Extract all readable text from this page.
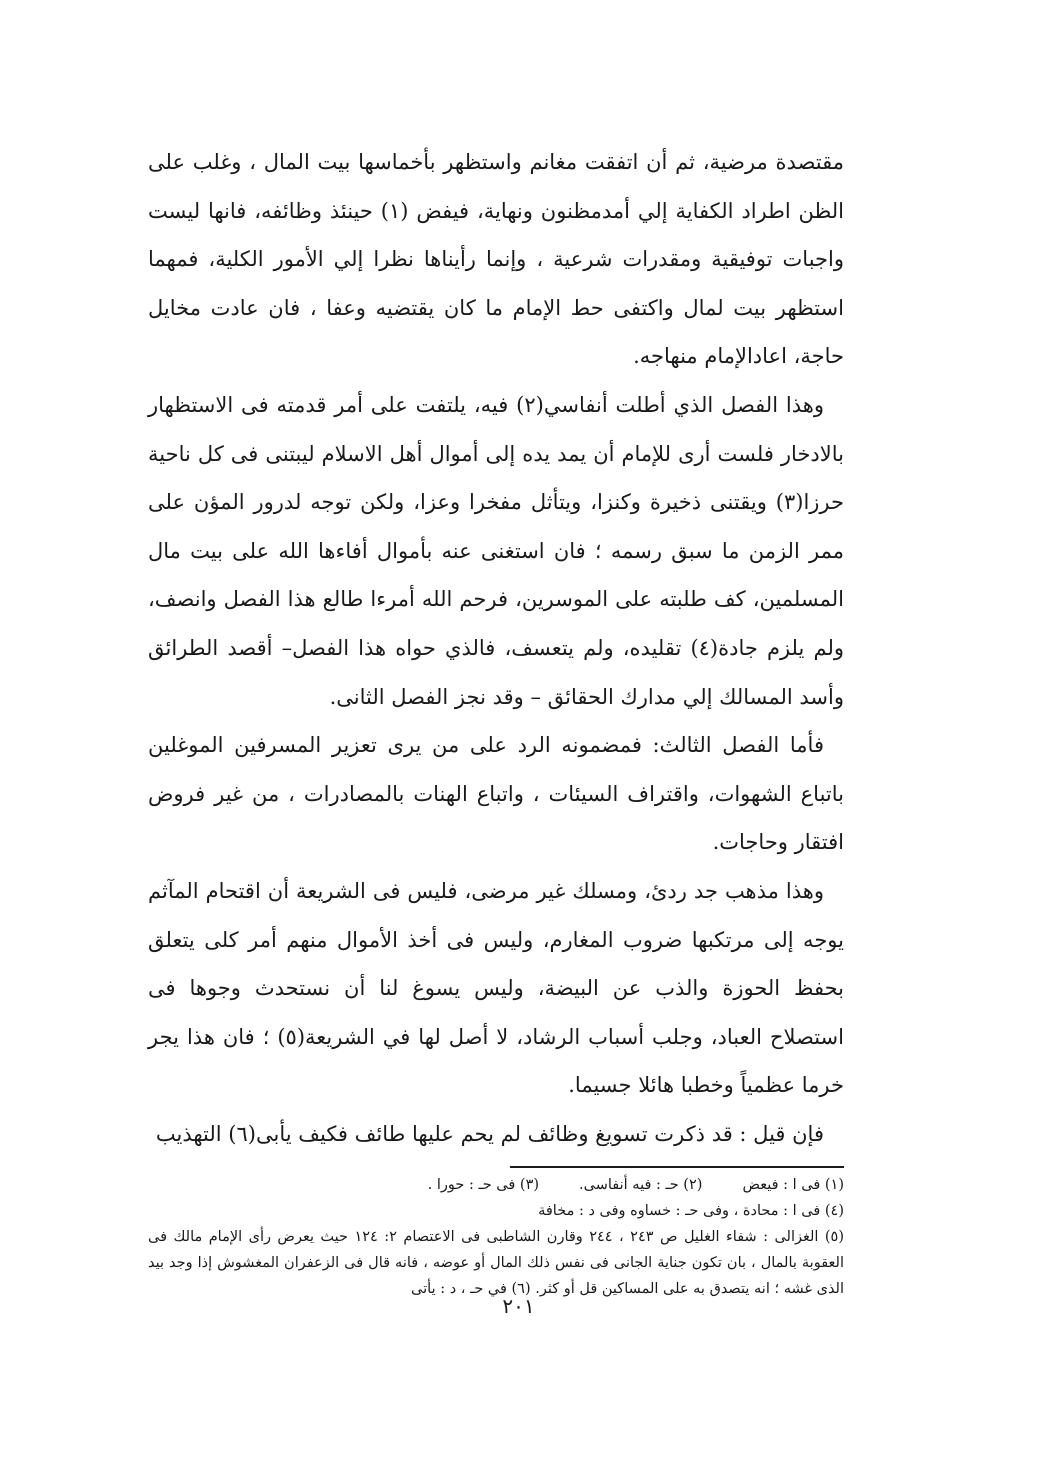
مقتصدة مرضية، ثم أن اتفقت مغانم واستظهر بأخماسها بيت المال ، وغلب على الظن اطراد الكفاية إلي أمدمظنون ونهاية، فيفض (١) حينئذ وظائفه، فانها ليست واجبات توفيقية ومقدرات شرعية ، وإنما رأيناها نظرا إلي الأمور الكلية، فمهما استظهر بيت لمال واكتفى حط الإمام ما كان يقتضيه وعفا ، فان عادت مخايل حاجة، اعادالإمام منهاجه.

وهذا الفصل الذي أطلت أنفاسي(٢) فيه، يلتفت على أمر قدمته فى الاستظهار بالادخار فلست أرى للإمام أن يمد يده إلى أموال أهل الاسلام ليبتنى فى كل ناحية حرزا(٣) ويقتنى ذخيرة وكنزا، ويتأثل مفخرا وعزا، ولكن توجه لدرور المؤن على ممر الزمن ما سبق رسمه ؛ فان استغنى عنه بأموال أفاءها الله على بيت مال المسلمين، كف طلبته على الموسرين، فرحم الله أمرءا طالع هذا الفصل وانصف، ولم يلزم جادة(٤) تقليده، ولم يتعسف، فالذي حواه هذا الفصل– أقصد الطرائق وأسد المسالك إلي مدارك الحقائق – وقد نجز الفصل الثانى.

فأما الفصل الثالث: فمضمونه الرد على من يرى تعزير المسرفين الموغلين باتباع الشهوات، واقتراف السيئات ، واتباع الهنات بالمصادرات ، من غير فروض افتقار وحاجات.

وهذا مذهب جد ردئ، ومسلك غير مرضى، فليس فى الشريعة أن اقتحام المآثم يوجه إلى مرتكبها ضروب المغارم، وليس فى أخذ الأموال منهم أمر كلى يتعلق بحفظ الحوزة والذب عن البيضة، وليس يسوغ لنا أن نستحدث وجوها فى استصلاح العباد، وجلب أسباب الرشاد، لا أصل لها في الشريعة(٥) ؛ فان هذا يجر خرما عظمياً وخطبا هائلا جسيما.

فإن قيل : قد ذكرت تسويغ وظائف لم يحم عليها طائف فكيف يأبى(٦) التهذيب

(١) فى ا : فيعض
(٢) حـ : فيه أنفاسى.
(٣) فى حـ : حورا .
(٤) فى ا : محادة ، وفى حـ : خساوه وفى د : مخافة
(٥) الغزالى : شفاء الغليل ص ٢٤٣ ، ٢٤٤ وقارن الشاطبى فى الاعتصام ٢: ١٢٤ حيث يعرض رأى الإمام مالك فى العقوبة بالمال ، بان تكون جناية الجانى فى نفس ذلك المال أو عوضه ، فانه قال فى الزعفران المغشوش إذا وجد بيد الذى غشه ؛ انه يتصدق به على المساكين قل أو كثر. (٦) في حـ ، د : يأتى
٢٠١
